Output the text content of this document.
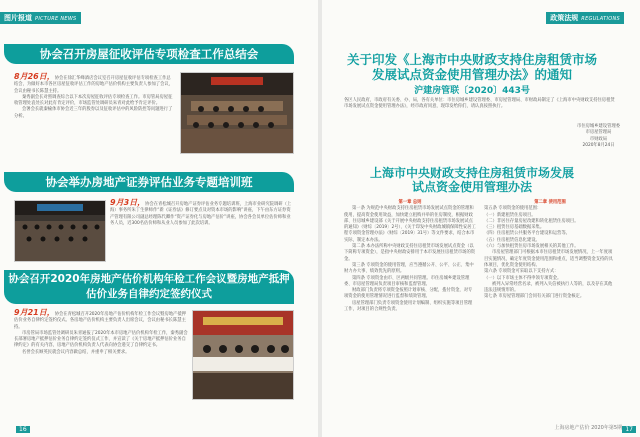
图片报道 PICTURE NEWS
协会召开房屋征收评估专项检查工作总结会

8月26日，协会在徐汇华峰酒店会议室召开房屋征收评估专项检查工作总结会，为做好本市各区房屋征收评估工作的房地产估价机构主要负责人参加了会议，会议由秘书长陈慧主持。

秦秀副会长对照调查综合以下本次房屋征收评估专项检查工作。市房管局房屋征收管理处袁处长对此有肯定评价，市场监管处调研员朱青对此给予肯定评价。

会署会长就秦榆体市协会近三年的股券以及征收评估中的风险防控等问题进行了分析。

协会举办房地产证券评估业务专题培训班

9月3日，协会在青松城召开房地产证券评估业务专题培训班，上海市业研究院调研（上海）事务所朱丁生律师作“新《证券法》修订要点及对资本市场的影响”讲座，下午由东方证券资产管理有限公司副总经理陈代卿作“资产证券化与房地产估价”讲座，协会各会员单位估价师和业务人员，近300名估价师和从业人员参加了此次培训。

协会召开2020年房地产估价机构年检工作会议暨房地产抵押估价业务自律约定签约仪式

9月21日，协会在青松城召开2020年房地产估价机构年检工作会议暨房地产抵押估价业务自律约定签约仪式。各房地产估价机构主要负责人出席会议，会议由秘书长陈慧主持。

市房管局市场监管处调研员朱青通报了2020年本市房地产估价机构年检工作，秦秀副会长部署房地产抵押估价业务自律约定签约仪式工作，并宣读了《关于房地产抵押估价业务自律约定》的有关内容，房地产估价机构负责人代表向协会递交了自律约定书。

名誉会长顾英民就会议内容做总结，并重申了相关要求。

16
政策法规 REGULATIONS
关于印发《上海市中央财政支持住房租赁市场
发展试点资金使用管理办法》的通知
沪建房管联〔2020〕443号
各区人民政府，市政府有关委、办、局，各有关单位：市住房城乡建设管理委、市房屋管理局、市财政局制定了《上海市中央财政支持住房租赁市场发展试点资金使用管理办法》，经市政府同意，现印发给你们，请认真按照执行。
市住房城乡建设管理委
市房屋管理局
市财政局
2020年8月24日
上海市中央财政支持住房租赁市场发展
试点资金使用管理办法
第一章 总则

第一条 为规范中央财政支持住房租赁市场发展试点资金的管理和使用，提高资金使用效益，加快建立租购并举的住房制度，根据财政部、住房城乡建设部《关于开展中央财政支持住房租赁市场发展试点的通知》（财综〔2019〕2号）、《关于印发中央财政城镇保障性安居工程专项资金管理办法》（财综〔2019〕31号）等文件要求，结合本市实际，制定本办法。

第二条 本办法所称中央财政支持住房租赁市场发展试点资金（以下简称专项资金），是指中央财政安排用于本市发展住房租赁市场的资金。

第三条 专项资金的使用管理，应当遵循公开、公平、公正、集中财力办大事、绩效优先的原则。

第四条 专项资金由市、区两级共同管理。市住房城乡建设管理委、市房屋管理局负责项目审核和监督管理。

财政部门负责将专项资金按照计划审核、分配，拨付资金，对专项资金的使用管理情况进行监督和绩效管理。

房屋管理部门负责专项资金使用计划编制、组织实施等项目管理工作，对项目的合规性负责。

第二章 使用范围

第五条 专项资金的使用范围：

（一）新建租赁住房项目。

（二）非居住存量房屋改建和转化租赁住房项目。

（三）租赁住房基础数据采集。

（四）住房租赁公共服务平台建设和运营等。

（五）住房租赁信息化建设。

（六）与加快租赁住房市场发展相关的其他工作。

市房屋管理部门可根据本市住房租赁市场发展情况，上一年度项目实施情况，确定年度资金使用范围和重点，适当调整资金支持的具体项目，优化资金使用结构。

第六条 专项资金可采取以下支持方式：

（一）以下市场主体不得申领专项资金。

被列入异常经营名录，被列入失信被执行人等的，以及存在其他违法违规情形的。

第七条 市房屋管理部门会同有关部门进行资金核定。

上海房地产估价 2020年第5期 17
